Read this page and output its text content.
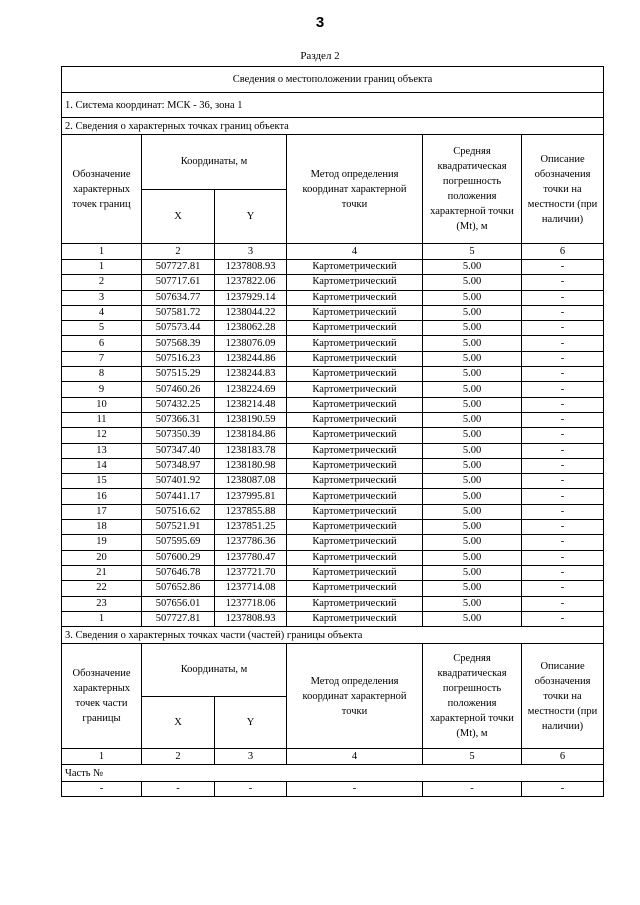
3
Раздел 2
Сведения о местоположении границ объекта					
1. Система координат: МСК - 36, зона 1					
2. Сведения о характерных точках границ объекта					
Обозначение характерных точек границ	Координаты, м		Метод определения координат характерной точки	Средняя квадратическая погрешность положения характерной точки (Mt), м	Описание обозначения точки на местности (при наличии)
	X	Y			
1	2	3	4	5	6
1	507727.81	1237808.93	Картометрический	5.00	-
2	507717.61	1237822.06	Картометрический	5.00	-
3	507634.77	1237929.14	Картометрический	5.00	-
4	507581.72	1238044.22	Картометрический	5.00	-
5	507573.44	1238062.28	Картометрический	5.00	-
6	507568.39	1238076.09	Картометрический	5.00	-
7	507516.23	1238244.86	Картометрический	5.00	-
8	507515.29	1238244.83	Картометрический	5.00	-
9	507460.26	1238224.69	Картометрический	5.00	-
10	507432.25	1238214.48	Картометрический	5.00	-
11	507366.31	1238190.59	Картометрический	5.00	-
12	507350.39	1238184.86	Картометрический	5.00	-
13	507347.40	1238183.78	Картометрический	5.00	-
14	507348.97	1238180.98	Картометрический	5.00	-
15	507401.92	1238087.08	Картометрический	5.00	-
16	507441.17	1237995.81	Картометрический	5.00	-
17	507516.62	1237855.88	Картометрический	5.00	-
18	507521.91	1237851.25	Картометрический	5.00	-
19	507595.69	1237786.36	Картометрический	5.00	-
20	507600.29	1237780.47	Картометрический	5.00	-
21	507646.78	1237721.70	Картометрический	5.00	-
22	507652.86	1237714.08	Картометрический	5.00	-
23	507656.01	1237718.06	Картометрический	5.00	-
1	507727.81	1237808.93	Картометрический	5.00	-
3. Сведения о характерных точках части (частей) границы объекта					
Обозначение характерных точек части границы	Координаты, м		Метод определения координат характерной точки	Средняя квадратическая погрешность положения характерной точки (Mt), м	Описание обозначения точки на местности (при наличии)
	X	Y			
1	2	3	4	5	6
Часть №					
-	-	-	-	-	-
